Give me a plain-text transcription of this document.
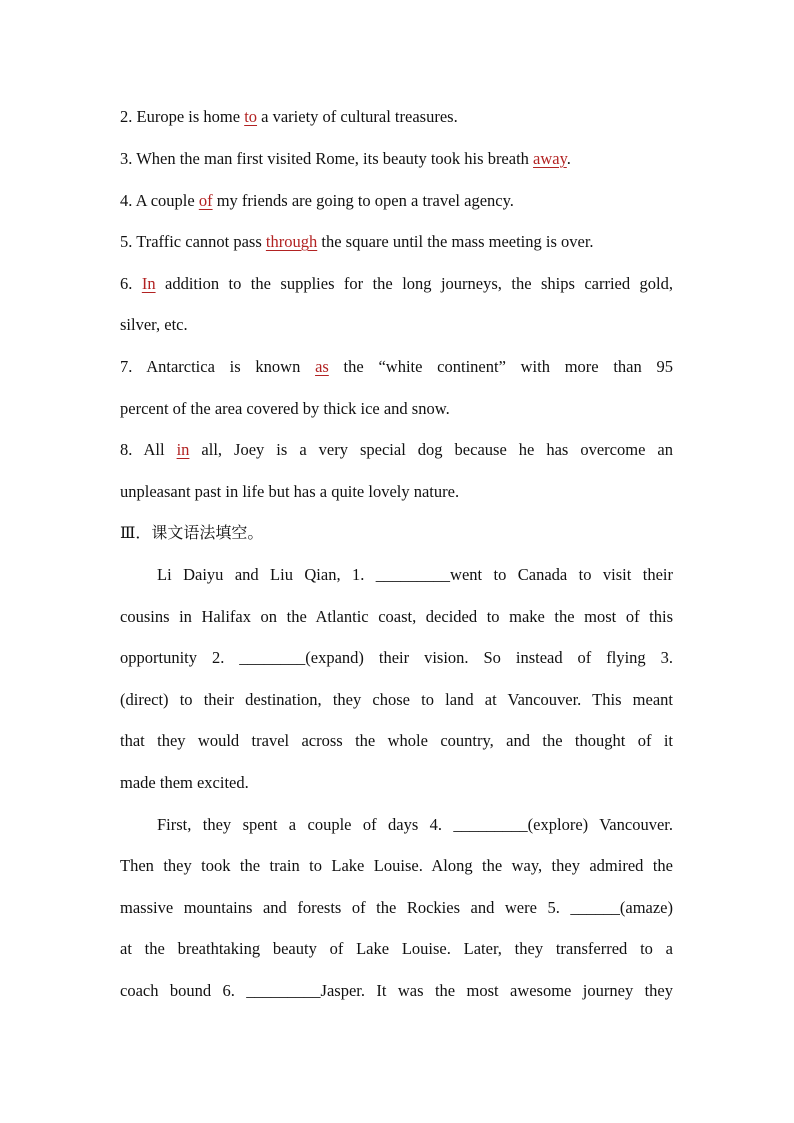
2. Europe is home to a variety of cultural treasures.
3. When the man first visited Rome, its beauty took his breath away.
4. A couple of my friends are going to open a travel agency.
5. Traffic cannot pass through the square until the mass meeting is over.
6. In addition to the supplies for the long journeys, the ships carried gold,
silver, etc.
7. Antarctica is known as the “white continent” with more than 95
percent of the area covered by thick ice and snow.
8. All in all, Joey is a very special dog because he has overcome an
unpleasant past in life but has a quite lovely nature.
Ⅲ．课文语法填空。
Li Daiyu and Liu Qian, 1. _________went to Canada to visit their
cousins in Halifax on the Atlantic coast, decided to make the most of this
opportunity 2. ________(expand) their vision. So instead of flying 3.
(direct) to their destination, they chose to land at Vancouver. This meant
that they would travel across the whole country, and the thought of it
made them excited.
First, they spent a couple of days 4. _________(explore) Vancouver.
Then they took the train to Lake Louise. Along the way, they admired the
massive mountains and forests of the Rockies and were 5. ______(amaze)
at the breathtaking beauty of Lake Louise. Later, they transferred to a
coach bound 6. _________Jasper. It was the most awesome journey they
